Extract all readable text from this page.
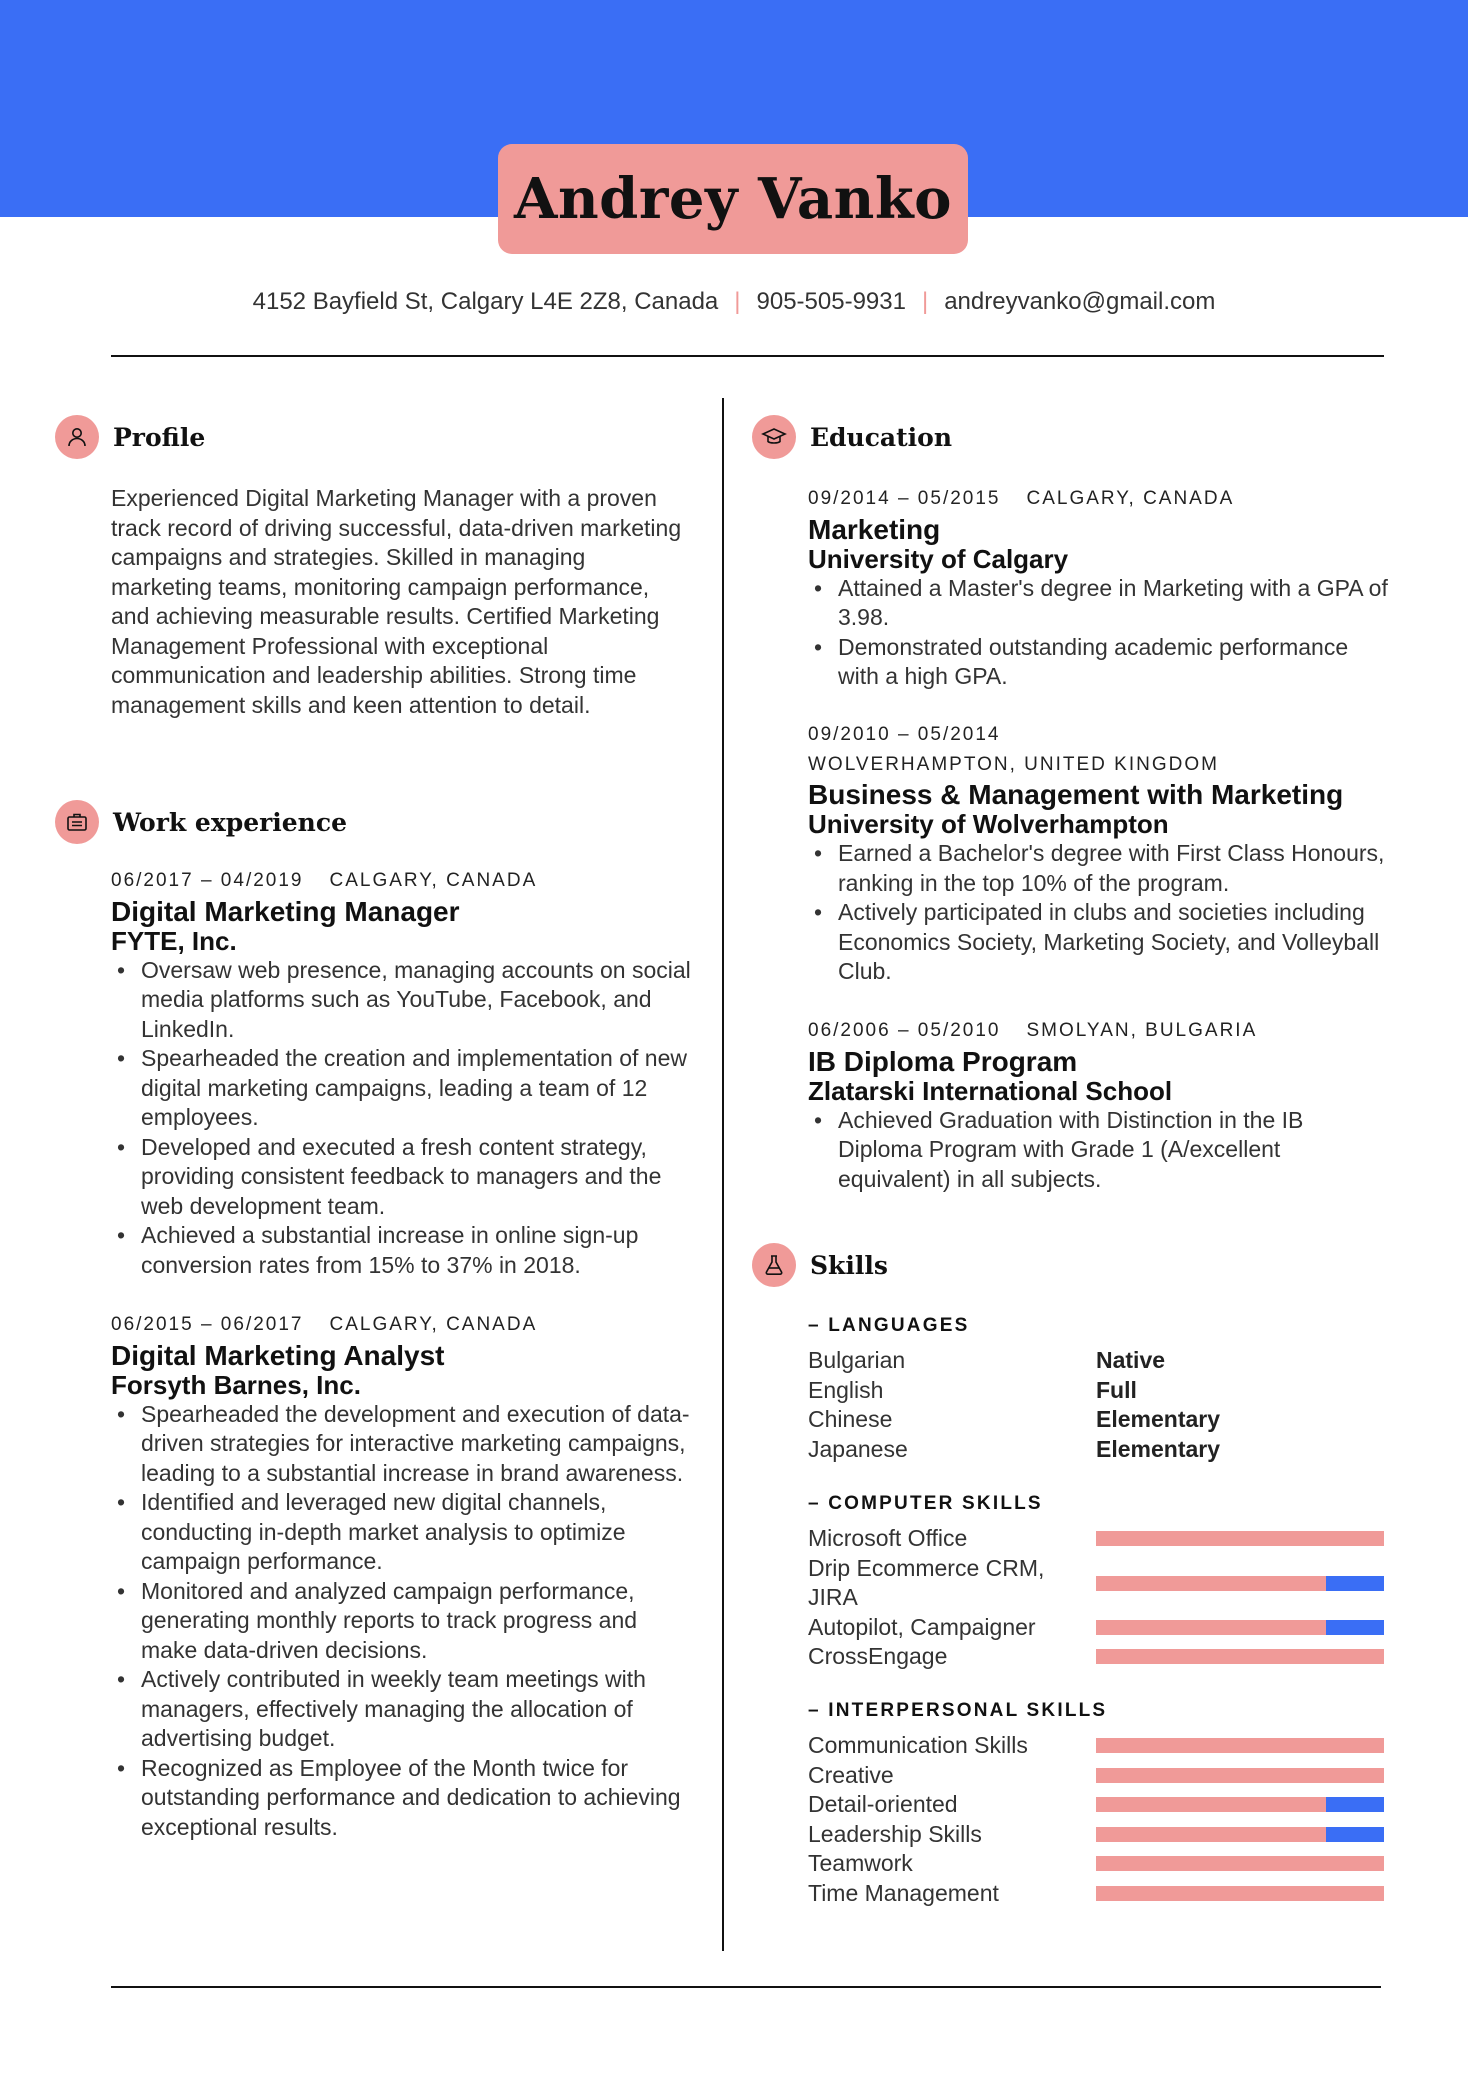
Andrey Vanko
4152 Bayfield St, Calgary L4E 2Z8, Canada | 905-505-9931 | andreyvanko@gmail.com
Profile
Experienced Digital Marketing Manager with a proven track record of driving successful, data-driven marketing campaigns and strategies. Skilled in managing marketing teams, monitoring campaign performance, and achieving measurable results. Certified Marketing Management Professional with exceptional communication and leadership abilities. Strong time management skills and keen attention to detail.
Work experience
06/2017 – 04/2019 CALGARY, CANADA
Digital Marketing Manager
FYTE, Inc.
• Oversaw web presence, managing accounts on social media platforms such as YouTube, Facebook, and LinkedIn.
• Spearheaded the creation and implementation of new digital marketing campaigns, leading a team of 12 employees.
• Developed and executed a fresh content strategy, providing consistent feedback to managers and the web development team.
• Achieved a substantial increase in online sign-up conversion rates from 15% to 37% in 2018.
06/2015 – 06/2017 CALGARY, CANADA
Digital Marketing Analyst
Forsyth Barnes, Inc.
• Spearheaded the development and execution of data-driven strategies for interactive marketing campaigns, leading to a substantial increase in brand awareness.
• Identified and leveraged new digital channels, conducting in-depth market analysis to optimize campaign performance.
• Monitored and analyzed campaign performance, generating monthly reports to track progress and make data-driven decisions.
• Actively contributed in weekly team meetings with managers, effectively managing the allocation of advertising budget.
• Recognized as Employee of the Month twice for outstanding performance and dedication to achieving exceptional results.
Education
09/2014 – 05/2015 CALGARY, CANADA
Marketing
University of Calgary
• Attained a Master's degree in Marketing with a GPA of 3.98.
• Demonstrated outstanding academic performance with a high GPA.
09/2010 – 05/2014
WOLVERHAMPTON, UNITED KINGDOM
Business & Management with Marketing
University of Wolverhampton
• Earned a Bachelor's degree with First Class Honours, ranking in the top 10% of the program.
• Actively participated in clubs and societies including Economics Society, Marketing Society, and Volleyball Club.
06/2006 – 05/2010 SMOLYAN, BULGARIA
IB Diploma Program
Zlatarski International School
• Achieved Graduation with Distinction in the IB Diploma Program with Grade 1 (A/excellent equivalent) in all subjects.
Skills
– LANGUAGES
Bulgarian	Native
English	Full
Chinese	Elementary
Japanese	Elementary
– COMPUTER SKILLS
Microsoft Office
Drip Ecommerce CRM, JIRA
Autopilot, Campaigner
CrossEngage
– INTERPERSONAL SKILLS
Communication Skills
Creative
Detail-oriented
Leadership Skills
Teamwork
Time Management
